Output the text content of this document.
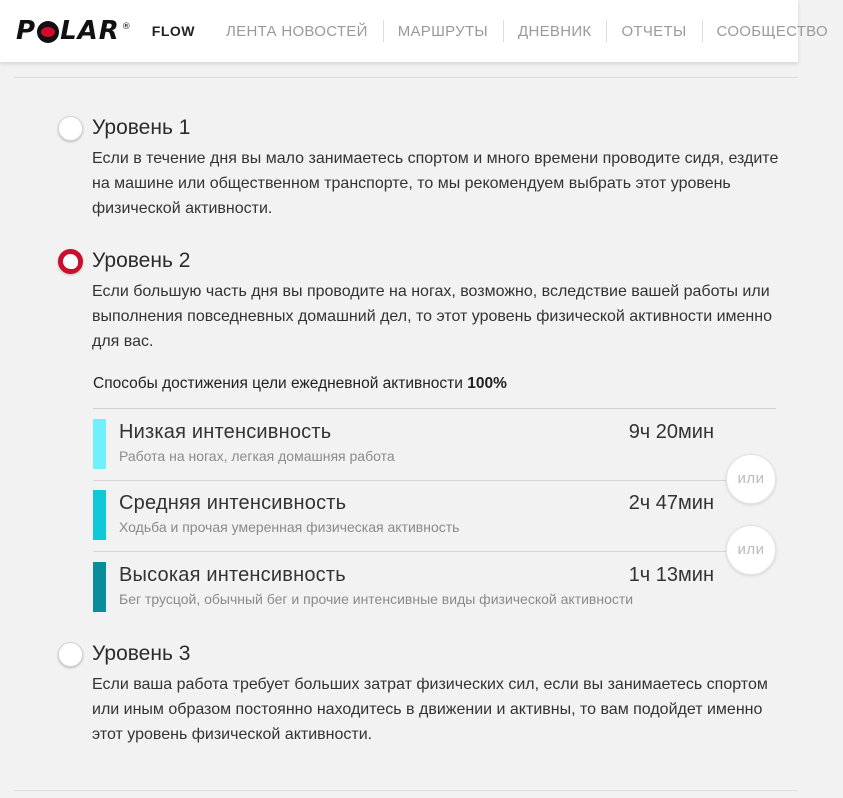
P LAR ® FLOW	ЛЕНТА НОВОСТЕЙ	МАРШРУТЫ	ДНЕВНИК	ОТЧЕТЫ	СООБЩЕСТВО
Уровень 1
Если в течение дня вы мало занимаетесь спортом и много времени проводите сидя, ездите на машине или общественном транспорте, то мы рекомендуем выбрать этот уровень физической активности.
Уровень 2
Если большую часть дня вы проводите на ногах, возможно, вследствие вашей работы или выполнения повседневных домашний дел, то этот уровень физической активности именно для вас.
Способы достижения цели ежедневной активности 100%
Низкая интенсивность
Работа на ногах, легкая домашняя работа
9ч 20мин
Средняя интенсивность
Ходьба и прочая умеренная физическая активность
2ч 47мин
Высокая интенсивность
Бег трусцой, обычный бег и прочие интенсивные виды физической активности
1ч 13мин
или
или
Уровень 3
Если ваша работа требует больших затрат физических сил, если вы занимаетесь спортом или иным образом постоянно находитесь в движении и активны, то вам подойдет именно этот уровень физической активности.
